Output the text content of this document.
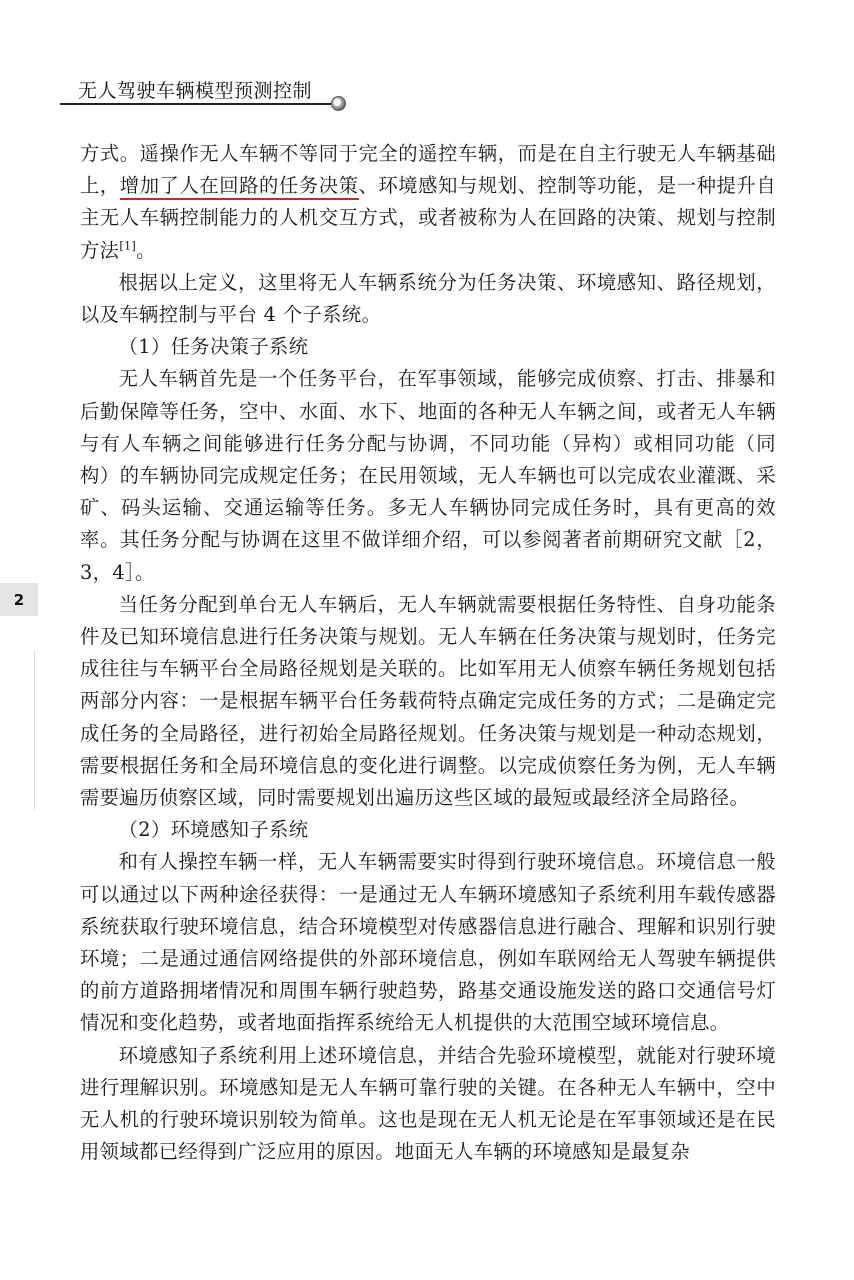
无人驾驶车辆模型预测控制
2

方式。遥操作无人车辆不等同于完全的遥控车辆，而是在自主行驶无人车辆基础上，增加了人在回路的任务决策、环境感知与规划、控制等功能，是一种提升自主无人车辆控制能力的人机交互方式，或者被称为人在回路的决策、规划与控制方法[1]。

根据以上定义，这里将无人车辆系统分为任务决策、环境感知、路径规划，以及车辆控制与平台 4 个子系统。

（1）任务决策子系统

无人车辆首先是一个任务平台，在军事领域，能够完成侦察、打击、排暴和后勤保障等任务，空中、水面、水下、地面的各种无人车辆之间，或者无人车辆与有人车辆之间能够进行任务分配与协调，不同功能（异构）或相同功能（同构）的车辆协同完成规定任务；在民用领域，无人车辆也可以完成农业灌溉、采矿、码头运输、交通运输等任务。多无人车辆协同完成任务时，具有更高的效率。其任务分配与协调在这里不做详细介绍，可以参阅著者前期研究文献［2，3，4］。

当任务分配到单台无人车辆后，无人车辆就需要根据任务特性、自身功能条件及已知环境信息进行任务决策与规划。无人车辆在任务决策与规划时，任务完成往往与车辆平台全局路径规划是关联的。比如军用无人侦察车辆任务规划包括两部分内容：一是根据车辆平台任务载荷特点确定完成任务的方式；二是确定完成任务的全局路径，进行初始全局路径规划。任务决策与规划是一种动态规划，需要根据任务和全局环境信息的变化进行调整。以完成侦察任务为例，无人车辆需要遍历侦察区域，同时需要规划出遍历这些区域的最短或最经济全局路径。

（2）环境感知子系统

和有人操控车辆一样，无人车辆需要实时得到行驶环境信息。环境信息一般可以通过以下两种途径获得：一是通过无人车辆环境感知子系统利用车载传感器系统获取行驶环境信息，结合环境模型对传感器信息进行融合、理解和识别行驶环境；二是通过通信网络提供的外部环境信息，例如车联网给无人驾驶车辆提供的前方道路拥堵情况和周围车辆行驶趋势，路基交通设施发送的路口交通信号灯情况和变化趋势，或者地面指挥系统给无人机提供的大范围空域环境信息。

环境感知子系统利用上述环境信息，并结合先验环境模型，就能对行驶环境进行理解识别。环境感知是无人车辆可靠行驶的关键。在各种无人车辆中，空中无人机的行驶环境识别较为简单。这也是现在无人机无论是在军事领域还是在民用领域都已经得到广泛应用的原因。地面无人车辆的环境感知是最复杂
